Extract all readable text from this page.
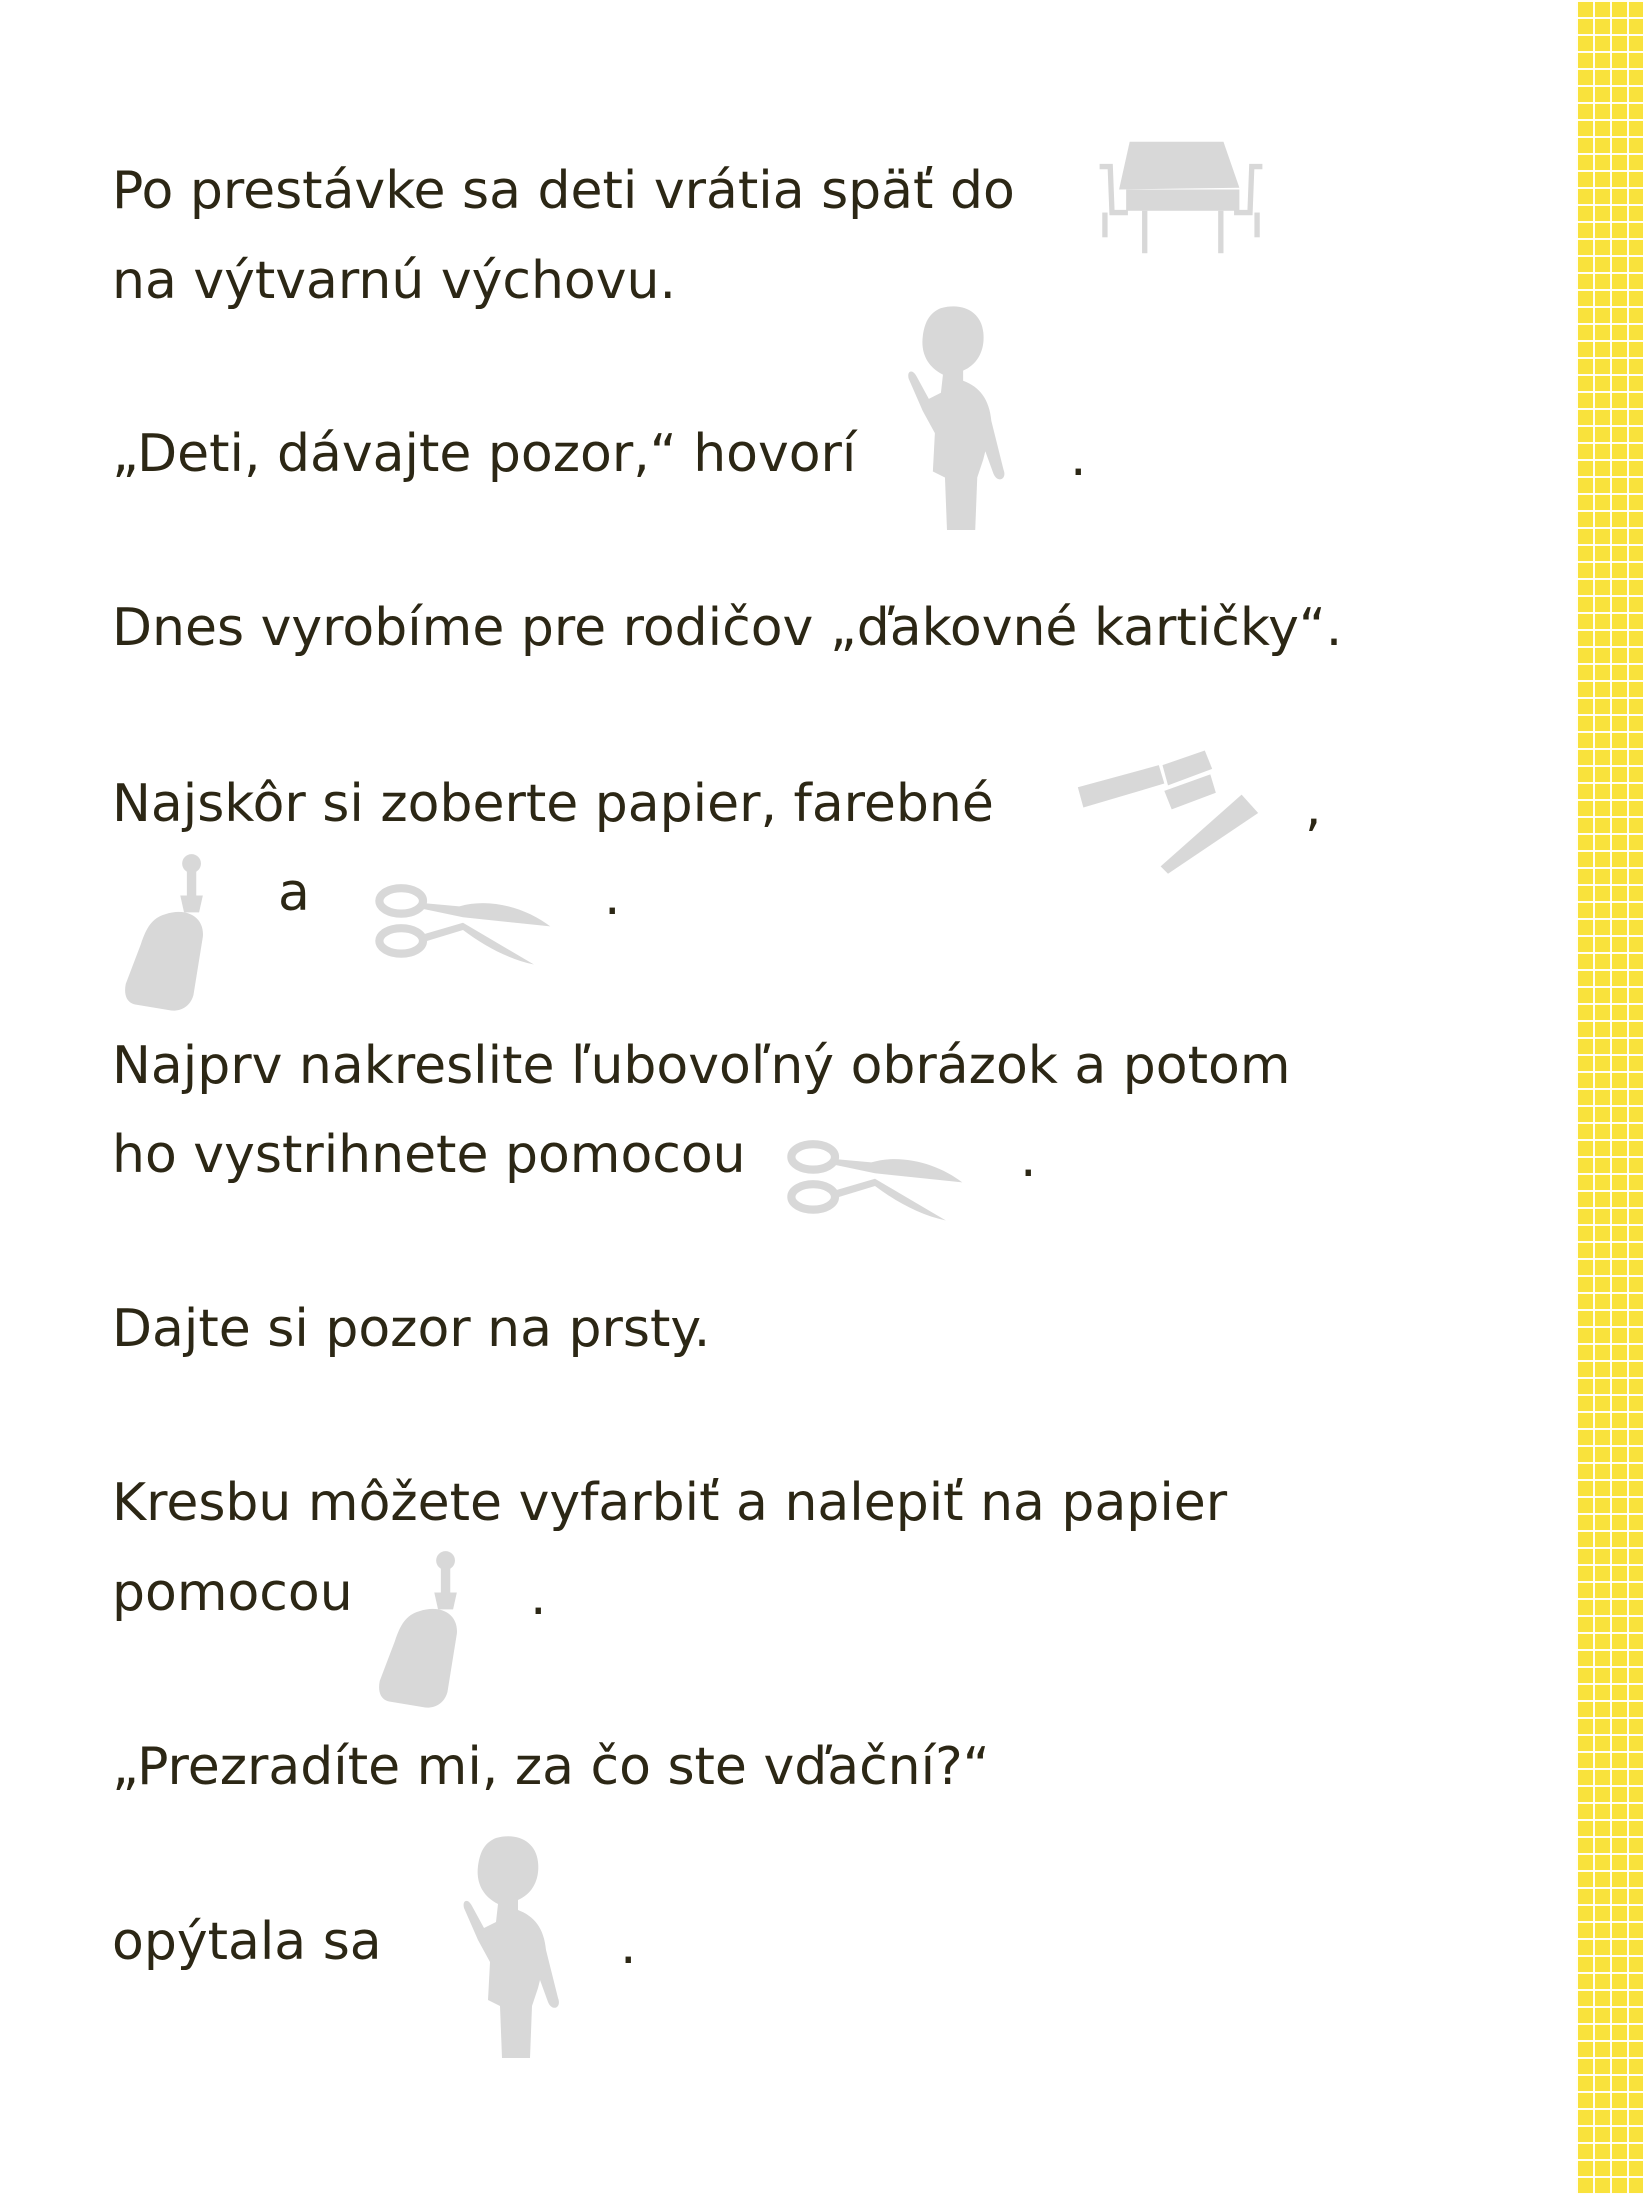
Po prestávke sa deti vrátia späť do

na výtvarnú výchovu.

„Deti, dávajte pozor,“ hovorí	.

Dnes vyrobíme pre rodičov „ďakovné kartičky“.

Najskôr si zoberte papier, farebné	,

a	.

Najprv nakreslite ľubovoľný obrázok a potom

ho vystrihnete pomocou	.

Dajte si pozor na prsty.

Kresbu môžete vyfarbiť a nalepiť na papier

pomocou	.

„Prezradíte mi, za čo ste vďační?“

opýtala sa	.
